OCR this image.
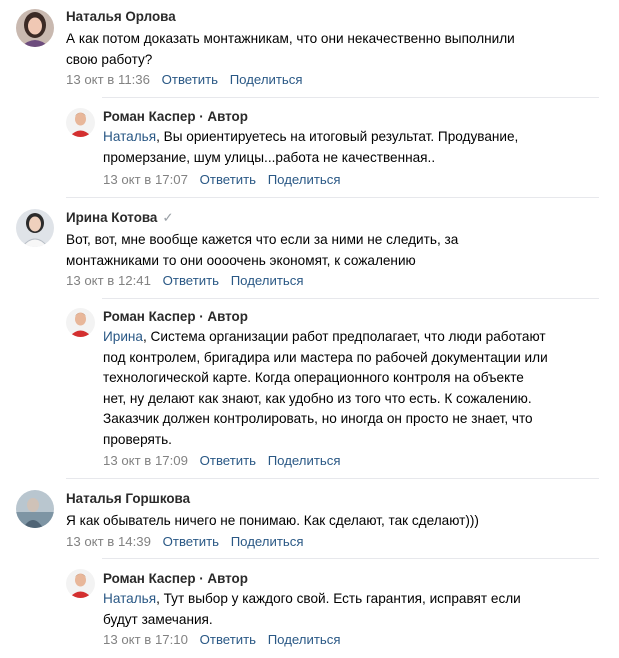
Наталья Орлова
А как потом доказать монтажникам, что они некачественно выполнили
свою работу?
13 окт в 11:36 Ответить Поделиться
Роман Каспер · Автор
Наталья, Вы ориентируетесь на итоговый результат. Продувание,
промерзание, шум улицы...работа не качественная..
13 окт в 17:07 Ответить Поделиться
Ирина Котова ✓
Вот, вот, мне вообще кажется что если за ними не следить, за
монтажниками то они оооочень экономят, к сожалению
13 окт в 12:41 Ответить Поделиться
Роман Каспер · Автор
Ирина, Система организации работ предполагает, что люди работают
под контролем, бригадира или мастера по рабочей документации или
технологической карте. Когда операционного контроля на объекте
нет, ну делают как знают, как удобно из того что есть. К сожалению.
Заказчик должен контролировать, но иногда он просто не знает, что
проверять.
13 окт в 17:09 Ответить Поделиться
Наталья Горшкова
Я как обыватель ничего не понимаю. Как сделают, так сделают)))
13 окт в 14:39 Ответить Поделиться
Роман Каспер · Автор
Наталья, Тут выбор у каждого свой. Есть гарантия, исправят если
будут замечания.
13 окт в 17:10 Ответить Поделиться
